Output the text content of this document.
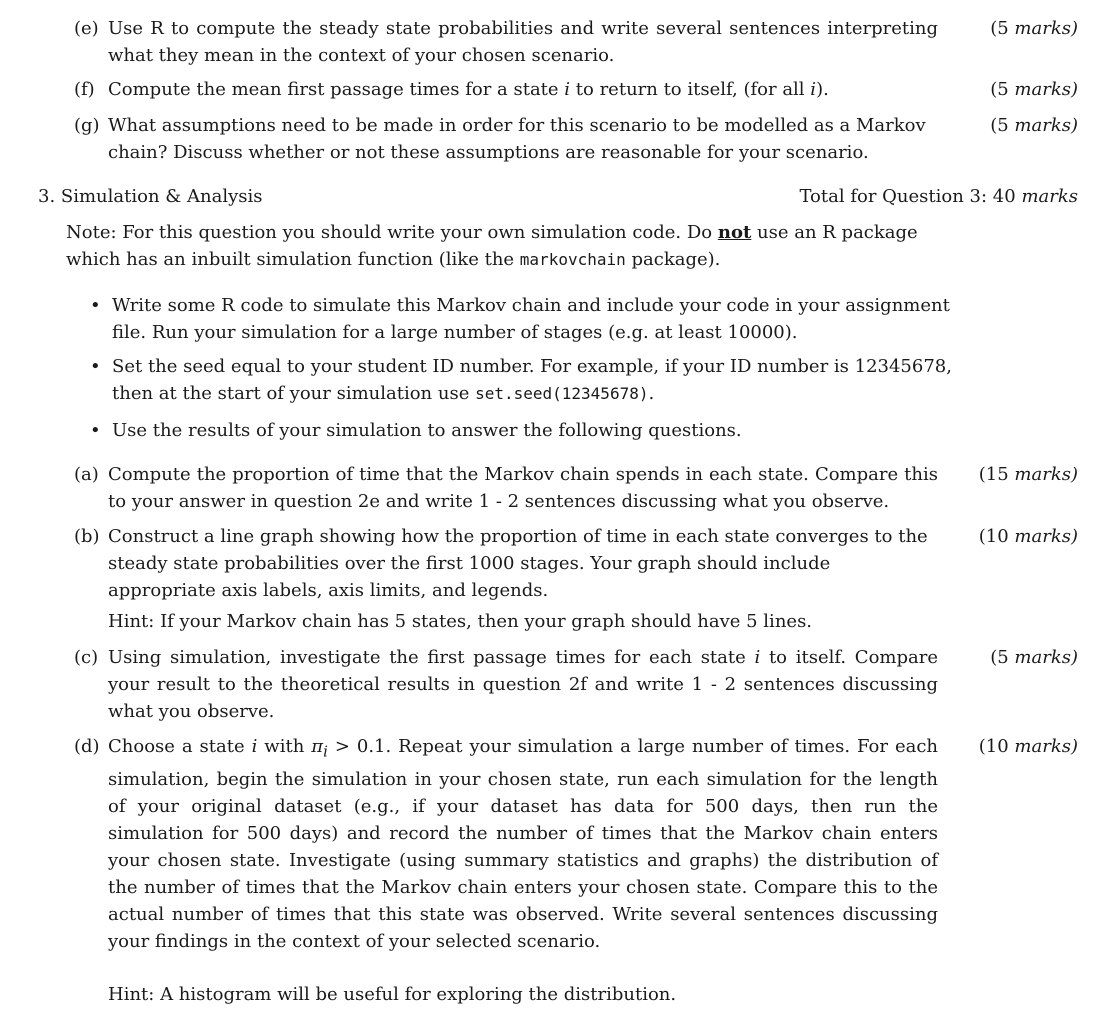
(e) Use R to compute the steady state probabilities and write several sentences interpreting what they mean in the context of your chosen scenario.
(5 marks)
(f) Compute the mean first passage times for a state i to return to itself, (for all i).	(5 marks)
(g) What assumptions need to be made in order for this scenario to be modelled as a Markov chain? Discuss whether or not these assumptions are reasonable for your scenario.
(5 marks)
3. Simulation & Analysis	Total for Question 3: 40 marks
Note: For this question you should write your own simulation code. Do not use an R package which has an inbuilt simulation function (like the markovchain package).
• Write some R code to simulate this Markov chain and include your code in your assignment file. Run your simulation for a large number of stages (e.g. at least 10000).
• Set the seed equal to your student ID number. For example, if your ID number is 12345678, then at the start of your simulation use set.seed(12345678).
• Use the results of your simulation to answer the following questions.
(a) Compute the proportion of time that the Markov chain spends in each state. Compare this to your answer in question 2e and write 1 - 2 sentences discussing what you observe.
(15 marks)
(b) Construct a line graph showing how the proportion of time in each state converges to the steady state probabilities over the first 1000 stages. Your graph should include appropriate axis labels, axis limits, and legends.
Hint: If your Markov chain has 5 states, then your graph should have 5 lines.
(10 marks)
(c) Using simulation, investigate the first passage times for each state i to itself. Compare your result to the theoretical results in question 2f and write 1 - 2 sentences discussing what you observe.
(5 marks)
(d) Choose a state i with $\pi_i > 0.1$. Repeat your simulation a large number of times. For each simulation, begin the simulation in your chosen state, run each simulation for the length of your original dataset (e.g., if your dataset has data for 500 days, then run the simulation for 500 days) and record the number of times that the Markov chain enters your chosen state. Investigate (using summary statistics and graphs) the distribution of the number of times that the Markov chain enters your chosen state. Compare this to the actual number of times that this state was observed. Write several sentences discussing your findings in the context of your selected scenario.
(10 marks)
Hint: A histogram will be useful for exploring the distribution.
